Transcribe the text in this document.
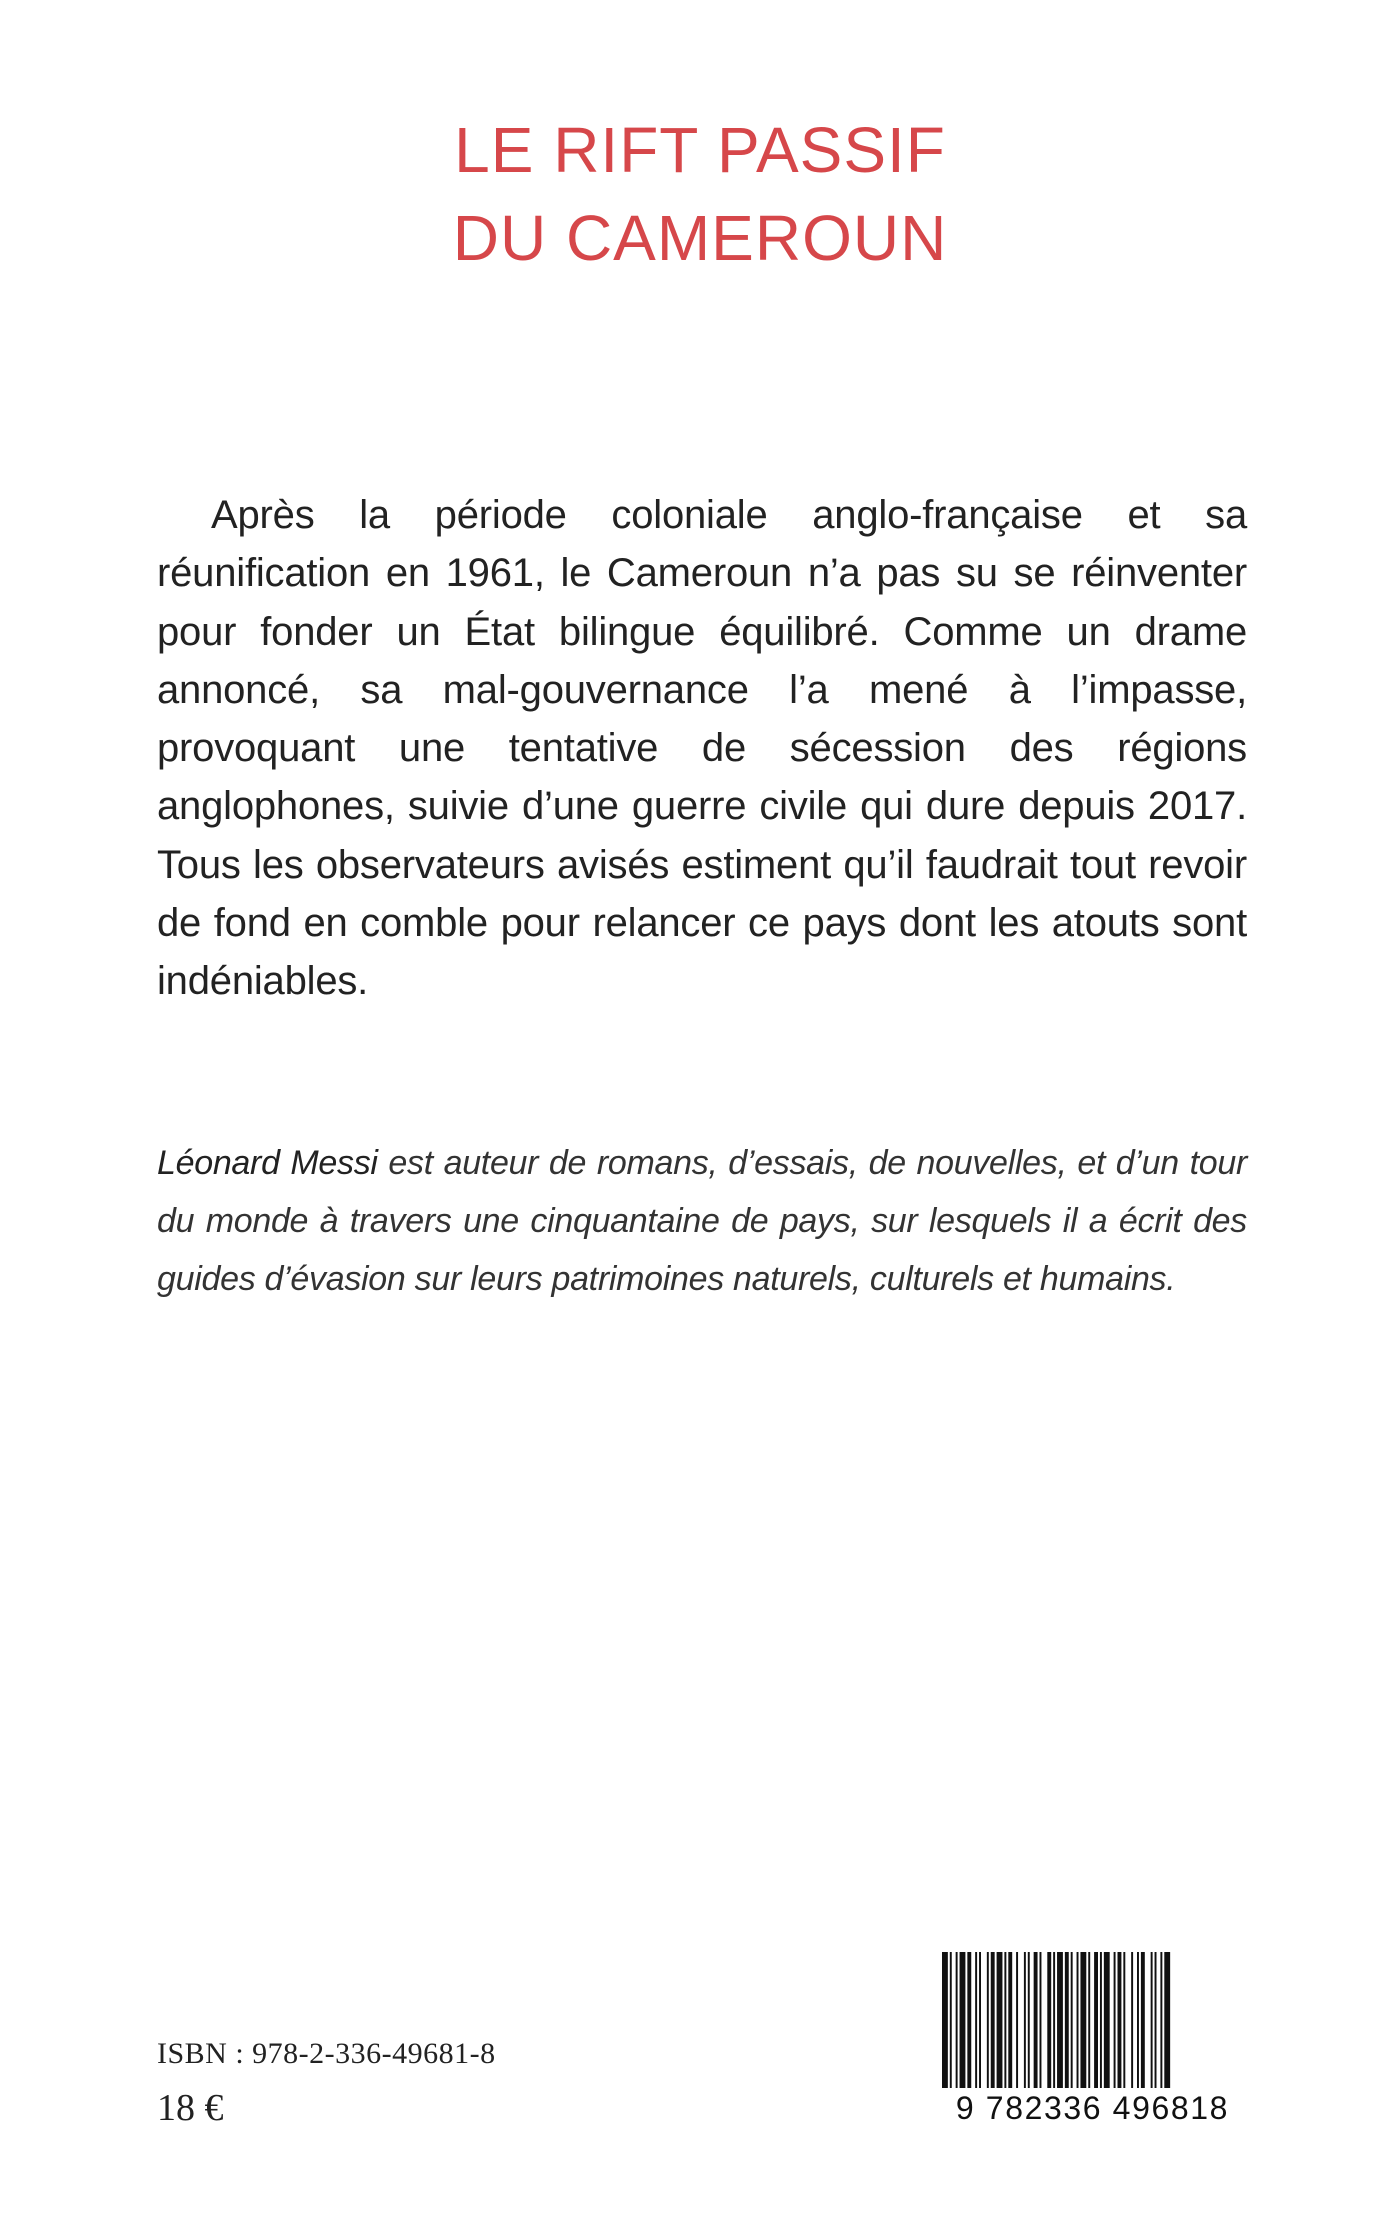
LE RIFT PASSIF
DU CAMEROUN

Après la période coloniale anglo-française et sa réunification en 1961, le Cameroun n’a pas su se réinventer pour fonder un État bilingue équilibré. Comme un drame annoncé, sa mal-gouvernance l’a mené à l’impasse, provoquant une tentative de sécession des régions anglophones, suivie d’une guerre civile qui dure depuis 2017. Tous les observateurs avisés estiment qu’il faudrait tout revoir de fond en comble pour relancer ce pays dont les atouts sont indéniables.

Léonard Messi est auteur de romans, d’essais, de nouvelles, et d’un tour du monde à travers une cinquantaine de pays, sur lesquels il a écrit des guides d’évasion sur leurs patrimoines naturels, culturels et humains.

ISBN : 978-2-336-49681-8

18 €	9 782336 496818
